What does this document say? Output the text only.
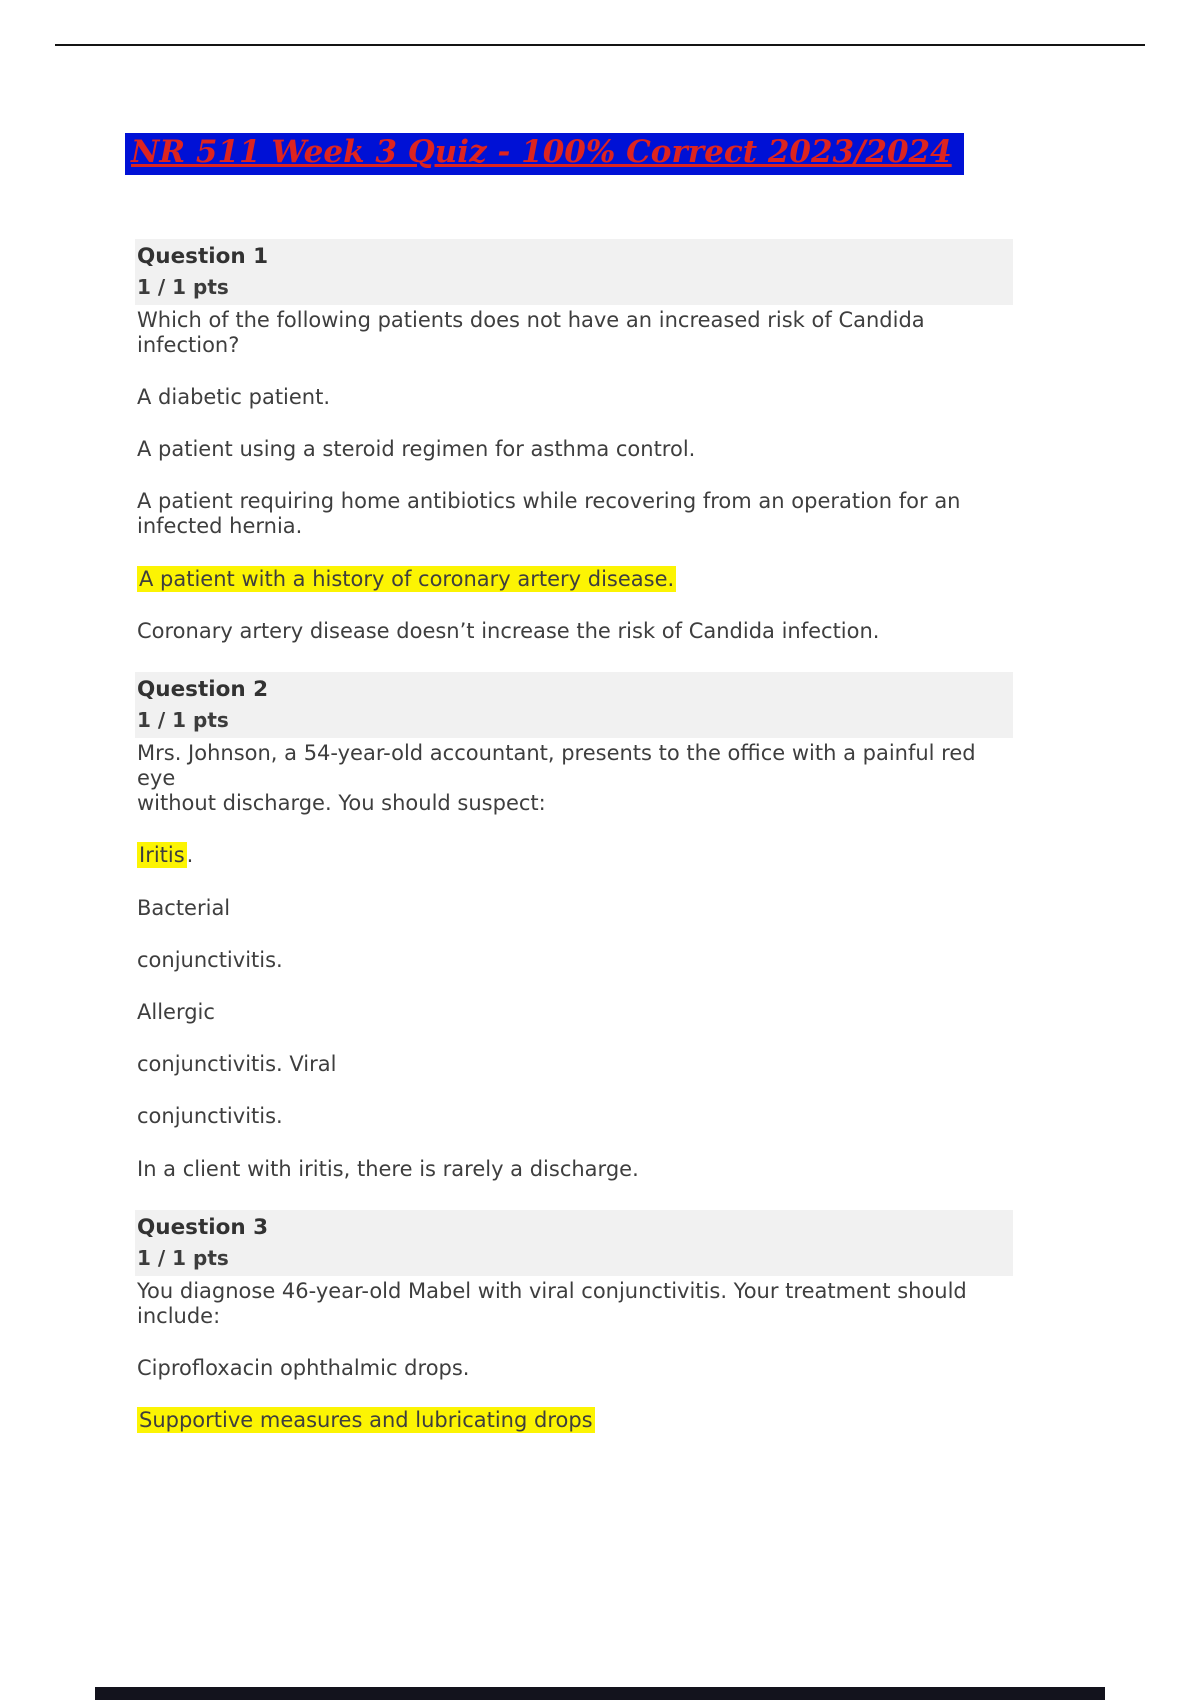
NR 511 Week 3 Quiz - 100% Correct 2023/2024
Question 1
1 / 1 pts

Which of the following patients does not have an increased risk of Candida infection?

A diabetic patient.

A patient using a steroid regimen for asthma control.

A patient requiring home antibiotics while recovering from an operation for an infected hernia.

A patient with a history of coronary artery disease.

Coronary artery disease doesn’t increase the risk of Candida infection.

Question 2
1 / 1 pts

Mrs. Johnson, a 54-year-old accountant, presents to the office with a painful red eye
without discharge. You should suspect:

Iritis.

Bacterial

conjunctivitis.

Allergic

conjunctivitis. Viral

conjunctivitis.

In a client with iritis, there is rarely a discharge.

Question 3
1 / 1 pts

You diagnose 46-year-old Mabel with viral conjunctivitis. Your treatment should include:

Ciprofloxacin ophthalmic drops.

Supportive measures and lubricating drops
